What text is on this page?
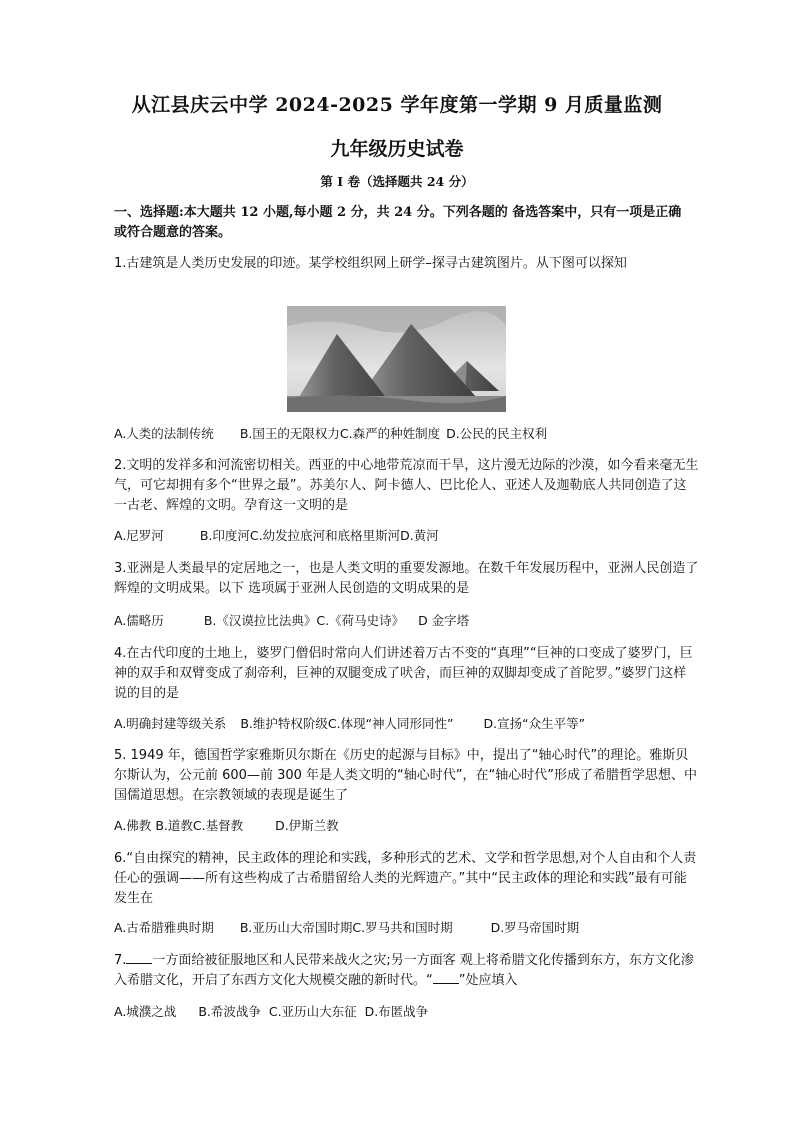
从江县庆云中学 2024-2025 学年度第一学期 9 月质量监测
九年级历史试卷
第 I 卷（选择题共 24 分）
一、选择题:本大题共 12 小题,每小题 2 分，共 24 分。下列各题的 备选答案中，只有一项是正确或符合题意的答案。
1.古建筑是人类历史发展的印迹。某学校组织网上研学–探寻古建筑图片。从下图可以探知
A.人类的法制传统 B.国王的无限权力C.森严的种姓制度 D.公民的民主权利
2.文明的发祥多和河流密切相关。西亚的中心地带荒凉而干旱，这片漫无边际的沙漠，如今看来毫无生气，可它却拥有多个“世界之最”。苏美尔人、阿卡德人、巴比伦人、亚述人及迦勒底人共同创造了这一古老、辉煌的文明。孕育这一文明的是
A.尼罗河	B.印度河C.幼发拉底河和底格里斯河D.黄河
3.亚洲是人类最早的定居地之一，也是人类文明的重要发源地。在数千年发展历程中，亚洲人民创造了辉煌的文明成果。以下 选项属于亚洲人民创造的文明成果的是
A.儒略历	B.《汉谟拉比法典》C.《荷马史诗》 D 金字塔
4.在古代印度的土地上，婆罗门僧侣时常向人们讲述着万古不变的“真理”“巨神的口变成了婆罗门，巨神的双手和双臂变成了刹帝利，巨神的双腿变成了吠舍，而巨神的双脚却变成了首陀罗。”婆罗门这样说的目的是
A.明确封建等级关系 B.维护特权阶级C.体现“神人同形同性” D.宣扬“众生平等”
5. 1949 年，德国哲学家雅斯贝尔斯在《历史的起源与目标》中，提出了“轴心时代”的理论。雅斯贝尔斯认为，公元前 600—前 300 年是人类文明的“轴心时代”，在“轴心时代”形成了希腊哲学思想、中国儒道思想。在宗教领域的表现是诞生了
A.佛教 B.道教C.基督教	D.伊斯兰教
6.“自由探究的精神，民主政体的理论和实践，多种形式的艺术、文学和哲学思想,对个人自由和个人责任心的强调——所有这些构成了古希腊留给人类的光辉遗产。”其中“民主政体的理论和实践”最有可能发生在
A.古希腊雅典时期 B.亚历山大帝国时期C.罗马共和国时期	D.罗马帝国时期
7. 一方面给被征服地区和人民带来战火之灾;另一方面客 观上将希腊文化传播到东方，东方文化渗入希腊文化，开启了东西方文化大规模交融的新时代。“ ”处应填入
A.城濮之战 B.希波战争 C.亚历山大东征 D.布匿战争
